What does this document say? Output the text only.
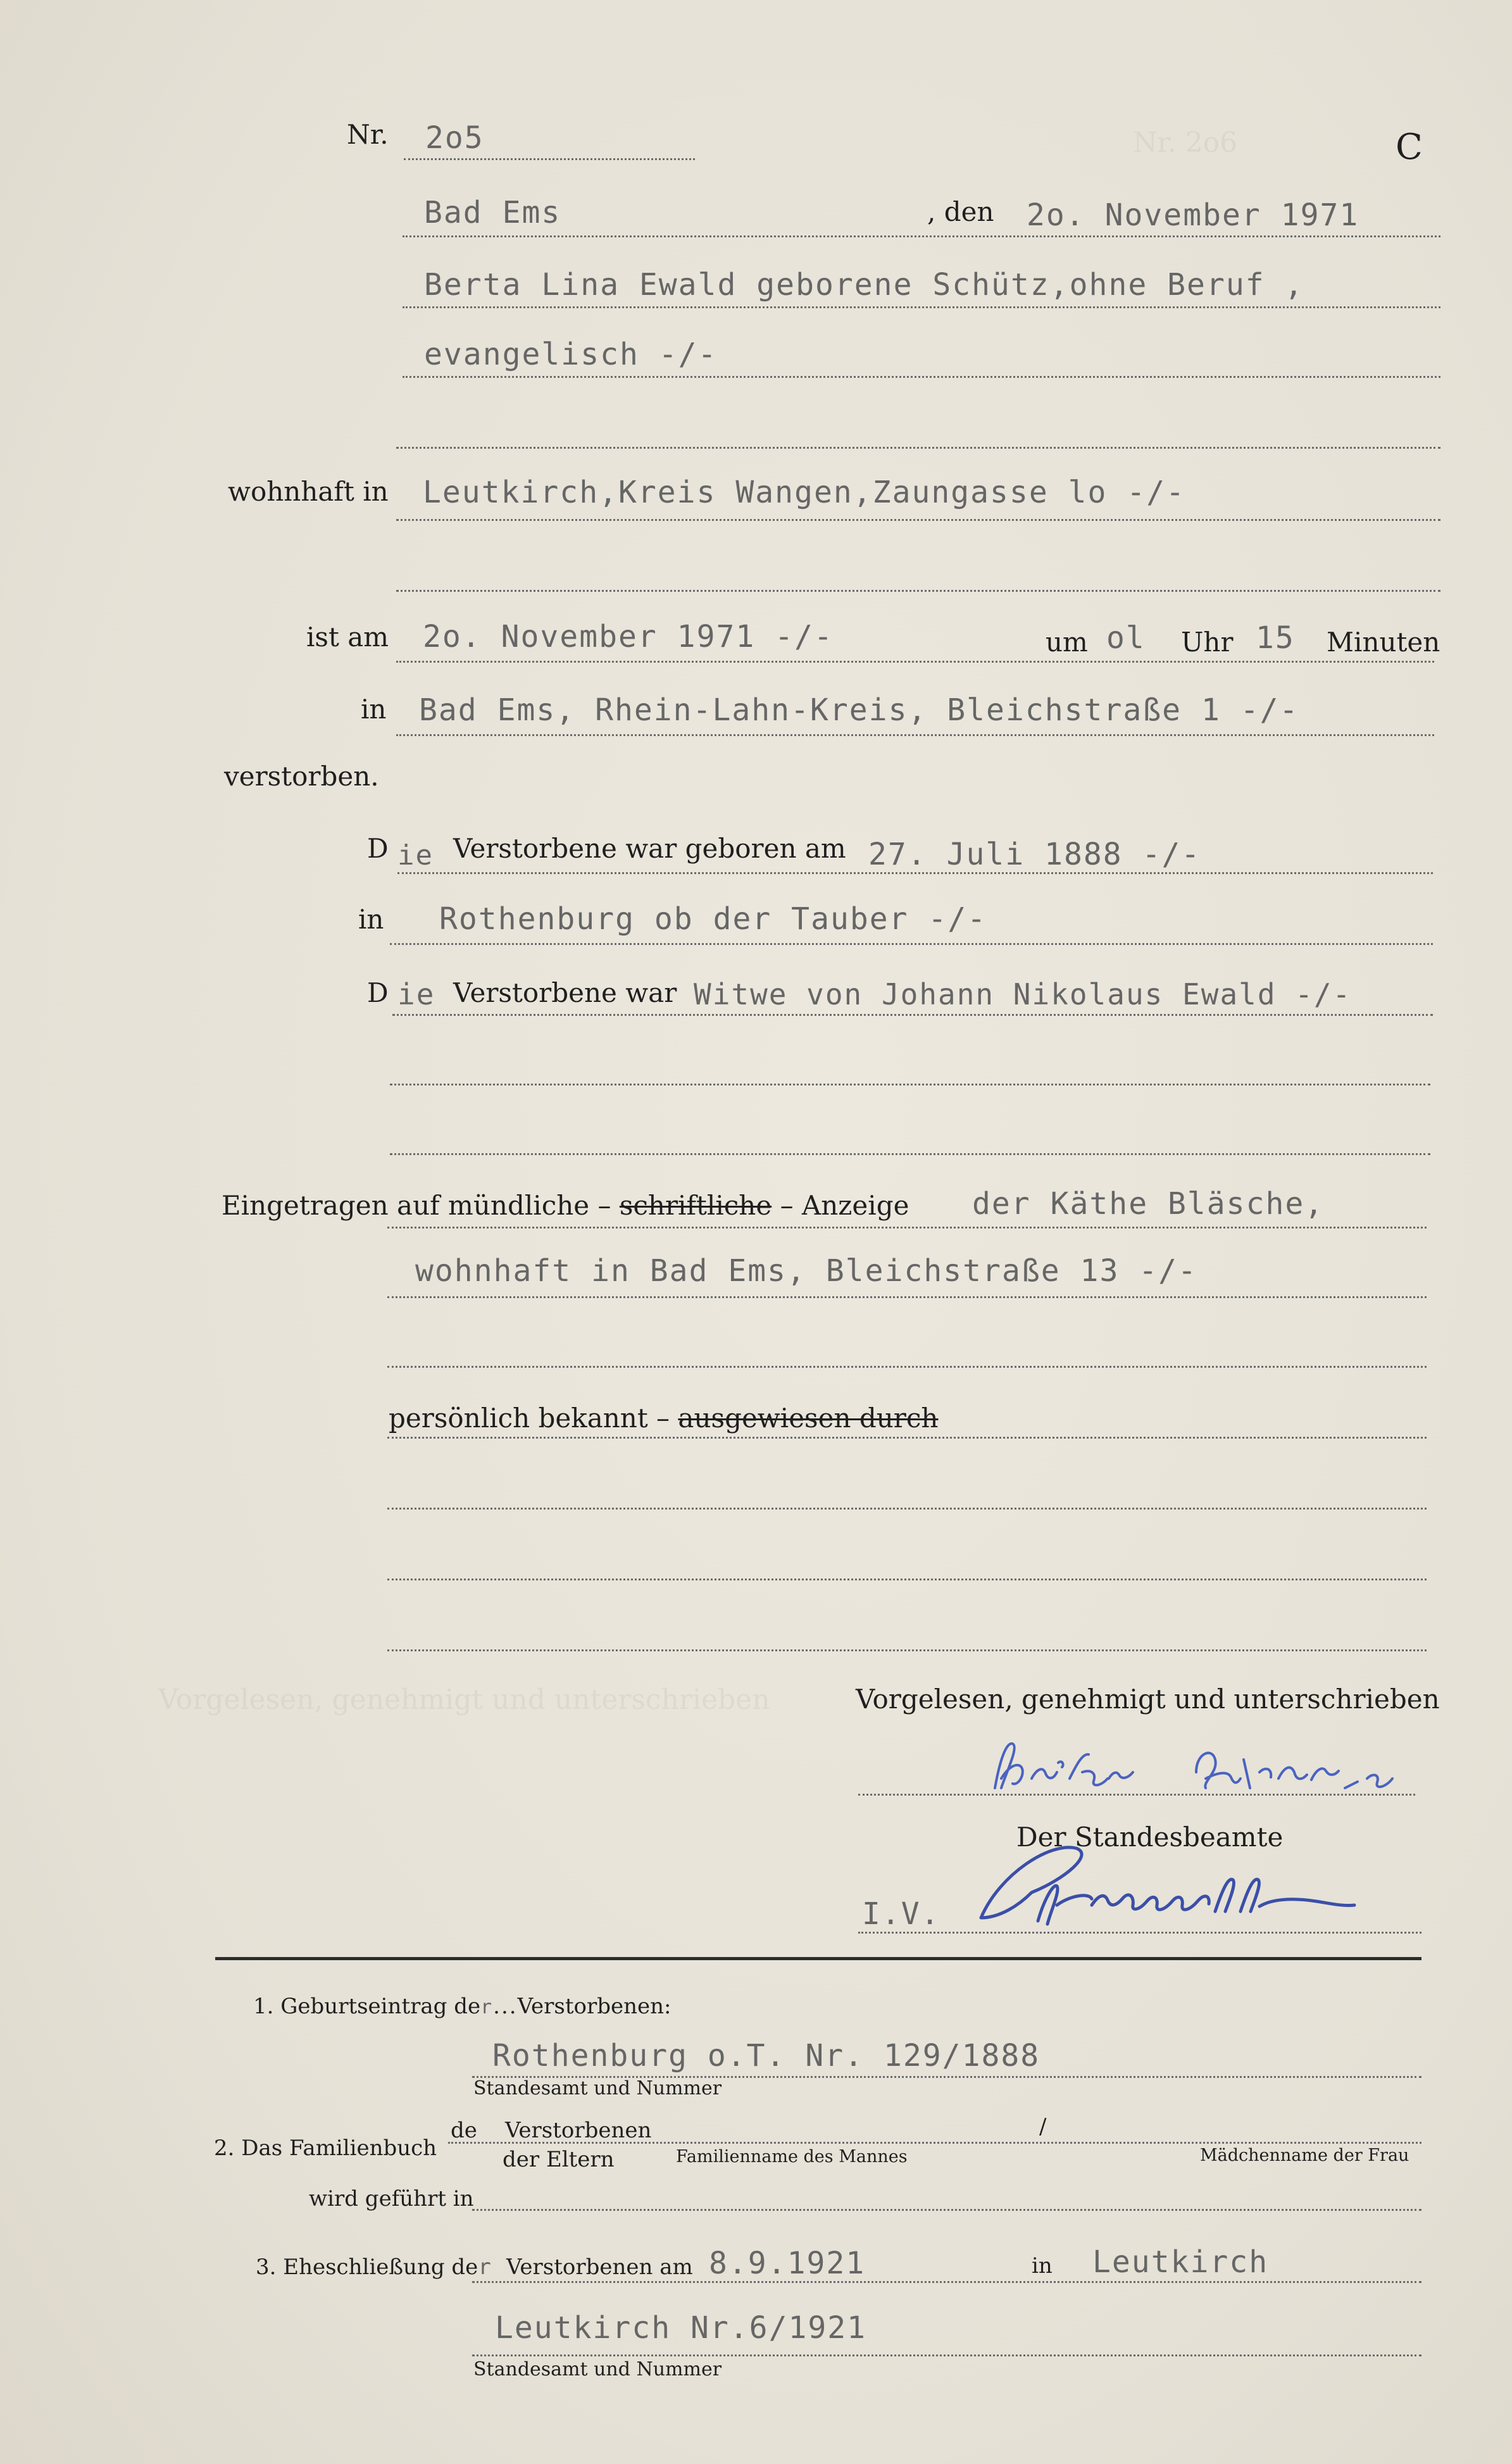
Nr. 2o6
Vorgelesen, genehmigt und unterschrieben
Nr. 2o5	C
Bad Ems	, den 2o. November 1971
Berta Lina Ewald geborene Schütz,ohne Beruf ,
evangelisch -/-
wohnhaft in Leutkirch,Kreis Wangen,Zaungasse lo -/-
ist am 2o. November 1971 -/-	um ol Uhr 15 Minuten
in Bad Ems, Rhein-Lahn-Kreis, Bleichstraße 1 -/-
verstorben.
D ie Verstorbene war geboren am 27. Juli 1888 -/-
in Rothenburg ob der Tauber -/-
D ie Verstorbene war Witwe von Johann Nikolaus Ewald -/-
Eingetragen auf mündliche – schriftliche – Anzeige der Käthe Bläsche,
wohnhaft in Bad Ems, Bleichstraße 13 -/-
persönlich bekannt – ausgewiesen durch
Vorgelesen, genehmigt und unterschrieben
Der Standesbeamte
I.V.
1. Geburtseintrag der...Verstorbenen:
Rothenburg o.T. Nr. 129/1888
Standesamt und Nummer
2. Das Familienbuch
de Verstorbenen	/
der Eltern	Familienname des Mannes	Mädchenname der Frau
wird geführt in
3. Eheschließung der Verstorbenen am 8.9.1921	in Leutkirch
Leutkirch Nr.6/1921
Standesamt und Nummer
